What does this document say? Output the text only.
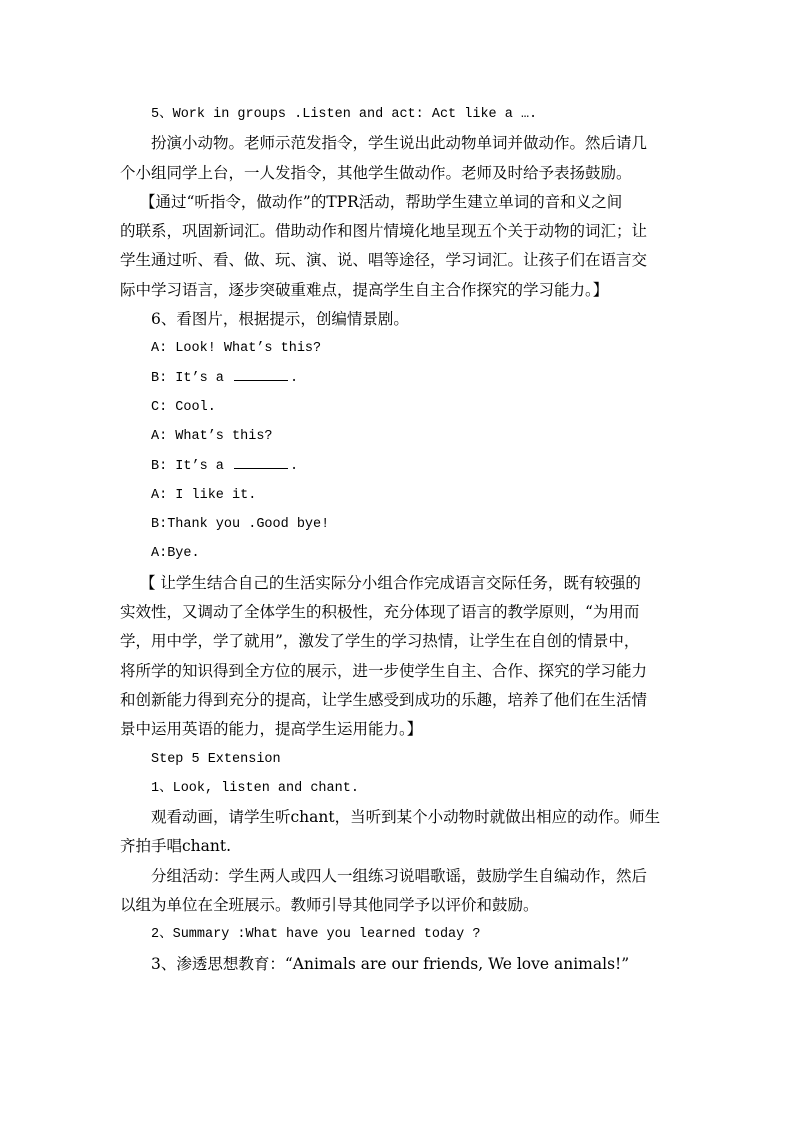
5、Work in groups .Listen and act: Act like a ….
扮演小动物。老师示范发指令，学生说出此动物单词并做动作。然后请几
个小组同学上台，一人发指令，其他学生做动作。老师及时给予表扬鼓励。
【通过“听指令，做动作”的TPR活动，帮助学生建立单词的音和义之间
的联系，巩固新词汇。借助动作和图片情境化地呈现五个关于动物的词汇；让
学生通过听、看、做、玩、演、说、唱等途径，学习词汇。让孩子们在语言交
际中学习语言，逐步突破重难点，提高学生自主合作探究的学习能力。】
6、看图片，根据提示，创编情景剧。
A: Look! What’s this?
B: It’s a	.
C: Cool.
A: What’s this?
B: It’s a	.
A: I like it.
B:Thank you .Good bye!
A:Bye.
【 让学生结合自己的生活实际分小组合作完成语言交际任务，既有较强的
实效性，又调动了全体学生的积极性，充分体现了语言的教学原则，“为用而
学，用中学，学了就用”，激发了学生的学习热情，让学生在自创的情景中，
将所学的知识得到全方位的展示，进一步使学生自主、合作、探究的学习能力
和创新能力得到充分的提高，让学生感受到成功的乐趣，培养了他们在生活情
景中运用英语的能力，提高学生运用能力。】
Step 5 Extension
1、Look, listen and chant.
观看动画，请学生听chant，当听到某个小动物时就做出相应的动作。师生
齐拍手唱chant.
分组活动：学生两人或四人一组练习说唱歌谣，鼓励学生自编动作，然后
以组为单位在全班展示。教师引导其他同学予以评价和鼓励。
2、Summary :What have you learned today ?
3、渗透思想教育：“Animals are our friends, We love animals!”
